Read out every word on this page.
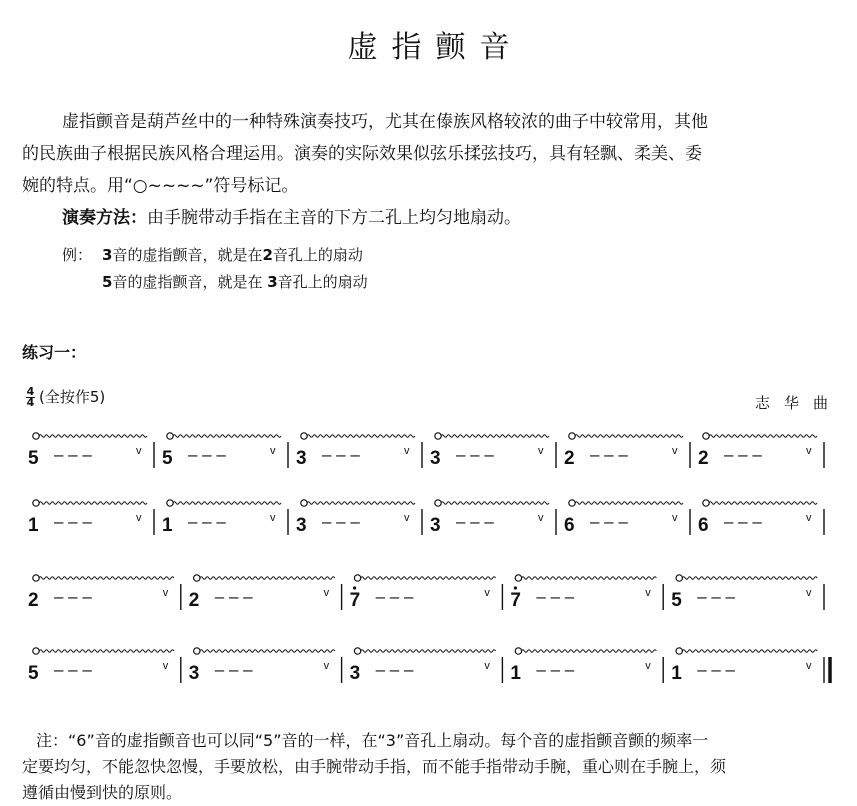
虚指颤音

虚指颤音是葫芦丝中的一种特殊演奏技巧，尤其在傣族风格较浓的曲子中较常用，其他

的民族曲子根据民族风格合理运用。演奏的实际效果似弦乐揉弦技巧，具有轻飘、柔美、委

婉的特点。用“○~~~~”符号标记。

演奏方法：由手腕带动手指在主音的下方二孔上均匀地扇动。

例： 3音的虚指颤音，就是在2音孔上的扇动
5音的虚指颤音，就是在 3音孔上的扇动
练习一：
$\frac{4}{4}$ (全按作5)	志华曲
5 – – –	v 5 – – –	v 3 – – –	v 3 – – –	v 2 – – –	v 2 – – –	v
1 – – –	v 1 – – –	v 3 – – –	v 3 – – –	v 6 – – –	v 6 – – –	v
2 – – –	v 2 – – –	v 7 – – –	v 7 – – –	v 5 – – –	v
5 – – –	v 3 – – –	v 3 – – –	v 1 – – –	v 1 – – –	v

注：“6”音的虚指颤音也可以同“5”音的一样，在“3”音孔上扇动。每个音的虚指颤音颤的频率一

定要均匀，不能忽快忽慢，手要放松，由手腕带动手指，而不能手指带动手腕，重心则在手腕上，须

遵循由慢到快的原则。
